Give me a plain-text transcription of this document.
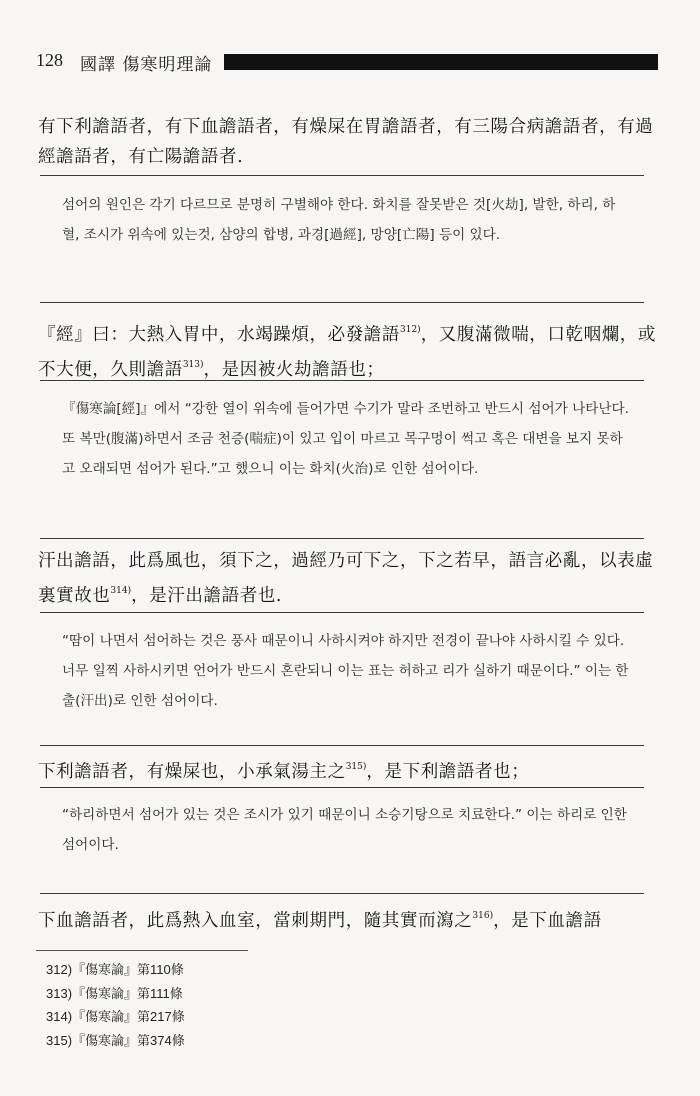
128 國譯 傷寒明理論
有下利譫語者，有下血譫語者，有燥屎在胃譫語者，有三陽合病譫語者，有過經譫語者，有亡陽譫語者.
섬어의 원인은 각기 다르므로 분명히 구별해야 한다. 화치를 잘못받은 것[火劫], 발한, 하리, 하혈, 조시가 위속에 있는것, 삼양의 합병, 과경[過經], 망양[亡陽] 등이 있다.
『經』曰：大熱入胃中，水竭躁煩，必發譫語$^{312)}$，又腹滿微喘，口乾咽爛，或不大便，久則譫語$^{313)}$，是因被火劫譫語也；
『傷寒論[經]』에서 “강한 열이 위속에 들어가면 수기가 말라 조번하고 반드시 섬어가 나타난다. 또 복만(腹滿)하면서 조금 천증(喘症)이 있고 입이 마르고 목구멍이 썩고 혹은 대변을 보지 못하고 오래되면 섬어가 된다.”고 했으니 이는 화치(火治)로 인한 섬어이다.
汗出譫語，此爲風也，須下之，過經乃可下之，下之若早，語言必亂，以表虛裏實故也$^{314)}$，是汗出譫語者也.
“땀이 나면서 섬어하는 것은 풍사 때문이니 사하시켜야 하지만 전경이 끝나야 사하시킬 수 있다. 너무 일찍 사하시키면 언어가 반드시 혼란되니 이는 표는 허하고 리가 실하기 때문이다.” 이는 한출(汗出)로 인한 섬어이다.
下利譫語者，有燥屎也，小承氣湯主之$^{315)}$，是下利譫語者也；
“하리하면서 섬어가 있는 것은 조시가 있기 때문이니 소승기탕으로 치료한다.” 이는 하리로 인한 섬어이다.
下血譫語者，此爲熱入血室，當刺期門，隨其實而瀉之$^{316)}$，是下血譫語
312)『傷寒論』第110條
313)『傷寒論』第111條
314)『傷寒論』第217條
315)『傷寒論』第374條
